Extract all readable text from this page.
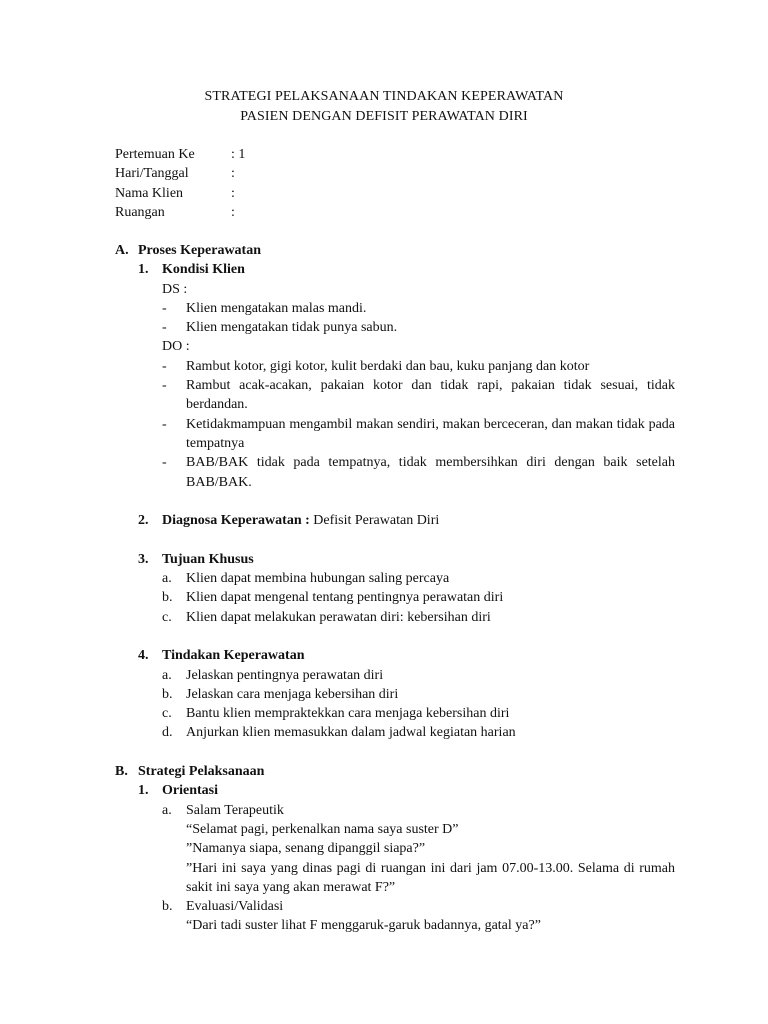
STRATEGI PELAKSANAAN TINDAKAN KEPERAWATAN
PASIEN DENGAN DEFISIT PERAWATAN DIRI
Pertemuan Ke	: 1
Hari/Tanggal	:
Nama Klien	:
Ruangan	:
A. Proses Keperawatan
1. Kondisi Klien
DS :
-	Klien mengatakan malas mandi.
-	Klien mengatakan tidak punya sabun.
DO :
-	Rambut kotor, gigi kotor, kulit berdaki dan bau, kuku panjang dan kotor
-	Rambut acak-acakan, pakaian kotor dan tidak rapi, pakaian tidak sesuai, tidak berdandan.
-	Ketidakmampuan mengambil makan sendiri, makan berceceran, dan makan tidak pada tempatnya
-	BAB/BAK tidak pada tempatnya, tidak membersihkan diri dengan baik setelah BAB/BAK.
2. Diagnosa Keperawatan : Defisit Perawatan Diri
3. Tujuan Khusus
a.	Klien dapat membina hubungan saling percaya
b. Klien dapat mengenal tentang pentingnya perawatan diri
c.	Klien dapat melakukan perawatan diri: kebersihan diri
4. Tindakan Keperawatan
a.	Jelaskan pentingnya perawatan diri
b. Jelaskan cara menjaga kebersihan diri
c.	Bantu klien mempraktekkan cara menjaga kebersihan diri
d. Anjurkan klien memasukkan dalam jadwal kegiatan harian
B. Strategi Pelaksanaan
1. Orientasi
a.	Salam Terapeutik
“Selamat pagi, perkenalkan nama saya suster D”
”Namanya siapa, senang dipanggil siapa?”
”Hari ini saya yang dinas pagi di ruangan ini dari jam 07.00-13.00. Selama di rumah sakit ini saya yang akan merawat F?”
b. Evaluasi/Validasi
“Dari tadi suster lihat F menggaruk-garuk badannya, gatal ya?”
